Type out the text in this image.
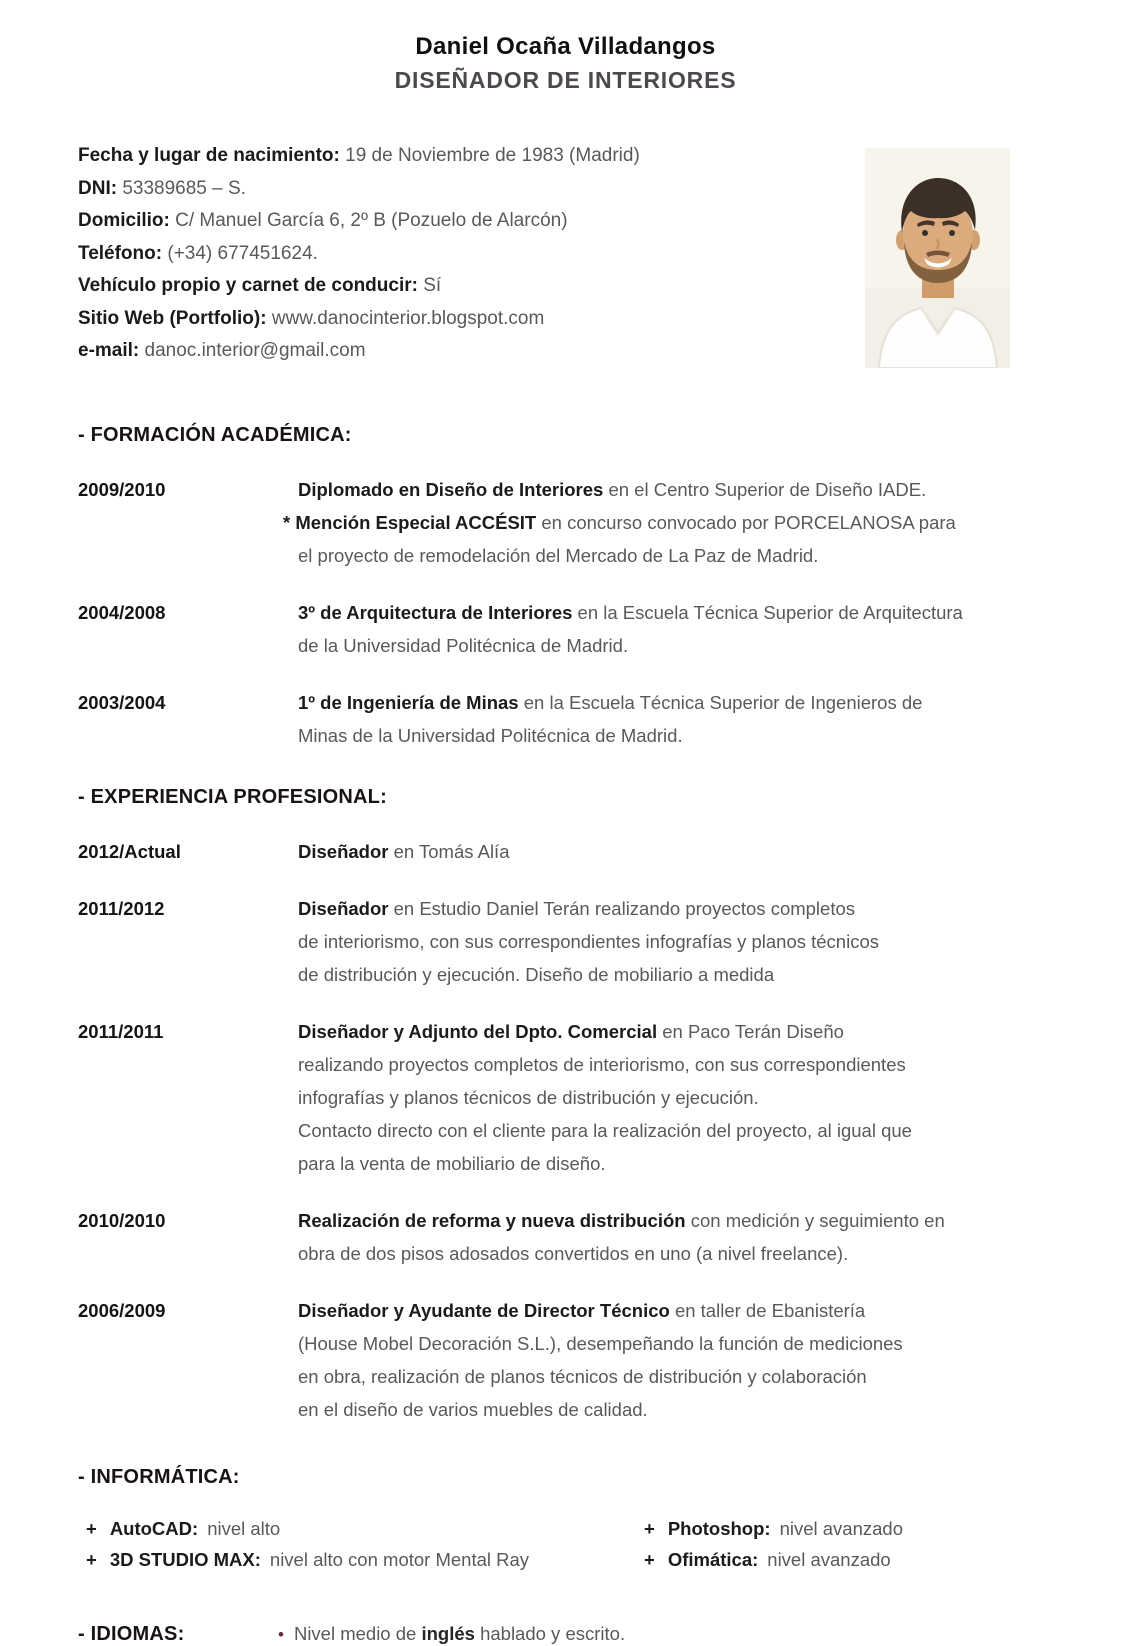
Daniel Ocaña Villadangos
DISEÑADOR DE INTERIORES
Fecha y lugar de nacimiento: 19 de Noviembre de 1983 (Madrid)
DNI: 53389685 – S.
Domicilio: C/ Manuel García 6, 2º B (Pozuelo de Alarcón)
Teléfono: (+34) 677451624.
Vehículo propio y carnet de conducir: Sí
Sitio Web (Portfolio): www.danocinterior.blogspot.com
e-mail: danoc.interior@gmail.com
- FORMACIÓN ACADÉMICA:
2009/2010	Diplomado en Diseño de Interiores en el Centro Superior de Diseño IADE.
* Mención Especial ACCÉSIT en concurso convocado por PORCELANOSA para
el proyecto de remodelación del Mercado de La Paz de Madrid.
2004/2008	3º de Arquitectura de Interiores en la Escuela Técnica Superior de Arquitectura
de la Universidad Politécnica de Madrid.
2003/2004	1º de Ingeniería de Minas en la Escuela Técnica Superior de Ingenieros de
Minas de la Universidad Politécnica de Madrid.
- EXPERIENCIA PROFESIONAL:
2012/Actual	Diseñador en Tomás Alía
2011/2012	Diseñador en Estudio Daniel Terán realizando proyectos completos
de interiorismo, con sus correspondientes infografías y planos técnicos
de distribución y ejecución. Diseño de mobiliario a medida
2011/2011	Diseñador y Adjunto del Dpto. Comercial en Paco Terán Diseño
realizando proyectos completos de interiorismo, con sus correspondientes
infografías y planos técnicos de distribución y ejecución.
Contacto directo con el cliente para la realización del proyecto, al igual que
para la venta de mobiliario de diseño.
2010/2010	Realización de reforma y nueva distribución con medición y seguimiento en
obra de dos pisos adosados convertidos en uno (a nivel freelance).
2006/2009	Diseñador y Ayudante de Director Técnico en taller de Ebanistería
(House Mobel Decoración S.L.), desempeñando la función de mediciones
en obra, realización de planos técnicos de distribución y colaboración
en el diseño de varios muebles de calidad.
- INFORMÁTICA:
+ AutoCAD: nivel alto
+ 3D STUDIO MAX: nivel alto con motor Mental Ray
+ Photoshop: nivel avanzado
+ Ofimática: nivel avanzado
- IDIOMAS:	• Nivel medio de inglés hablado y escrito.
